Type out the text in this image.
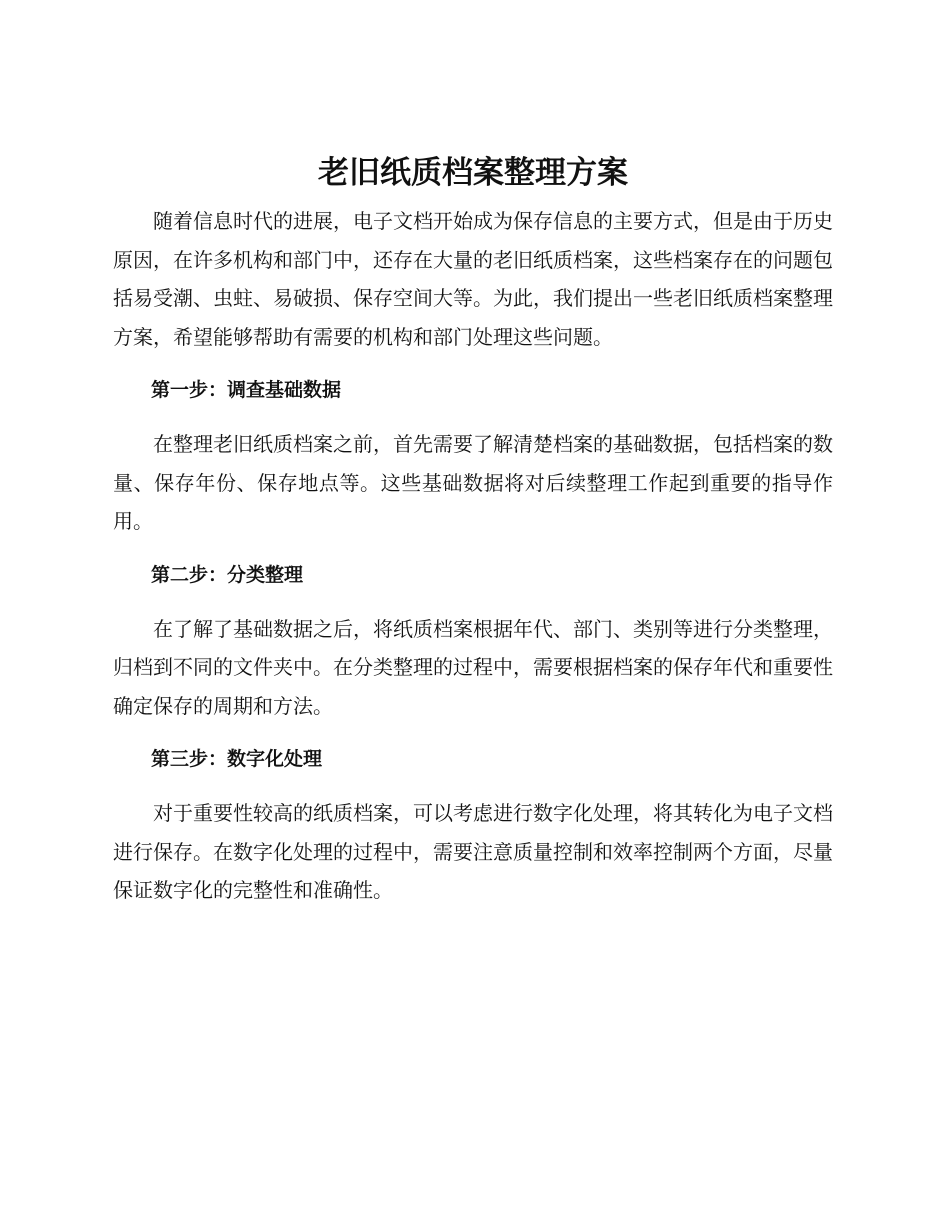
老旧纸质档案整理方案

随着信息时代的进展，电子文档开始成为保存信息的主要方式，但是由于历史原因，在许多机构和部门中，还存在大量的老旧纸质档案，这些档案存在的问题包括易受潮、虫蛀、易破损、保存空间大等。为此，我们提出一些老旧纸质档案整理方案，希望能够帮助有需要的机构和部门处理这些问题。

第一步：调查基础数据

在整理老旧纸质档案之前，首先需要了解清楚档案的基础数据，包括档案的数量、保存年份、保存地点等。这些基础数据将对后续整理工作起到重要的指导作用。

第二步：分类整理

在了解了基础数据之后，将纸质档案根据年代、部门、类别等进行分类整理，归档到不同的文件夹中。在分类整理的过程中，需要根据档案的保存年代和重要性确定保存的周期和方法。

第三步：数字化处理

对于重要性较高的纸质档案，可以考虑进行数字化处理，将其转化为电子文档进行保存。在数字化处理的过程中，需要注意质量控制和效率控制两个方面，尽量保证数字化的完整性和准确性。
